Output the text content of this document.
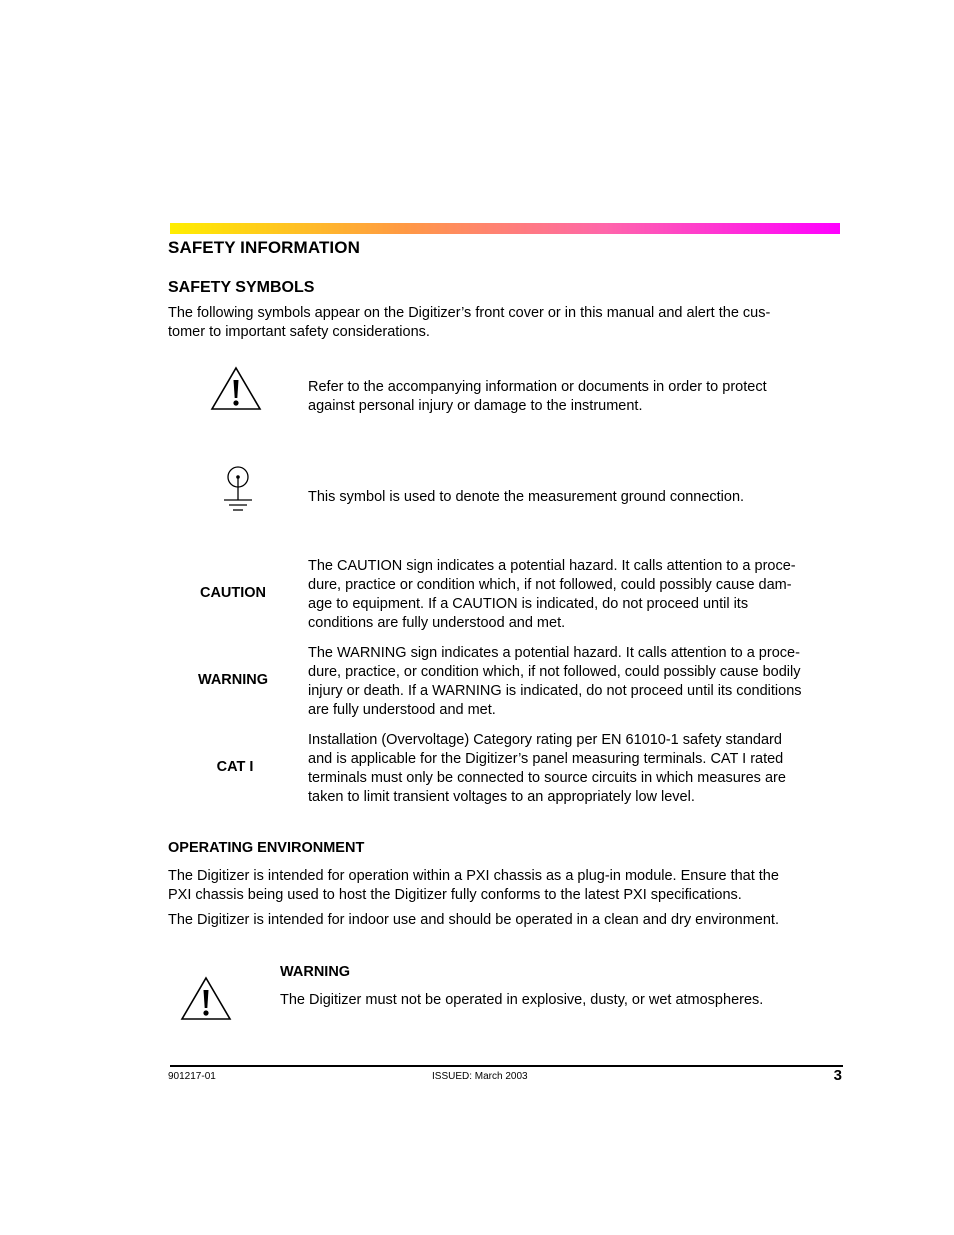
SAFETY INFORMATION
SAFETY SYMBOLS
The following symbols appear on the Digitizer’s front cover or in this manual and alert the cus-
tomer to important safety considerations.
Refer to the accompanying information or documents in order to protect
against personal injury or damage to the instrument.
This symbol is used to denote the measurement ground connection.
CAUTION
The CAUTION sign indicates a potential hazard. It calls attention to a proce-
dure, practice or condition which, if not followed, could possibly cause dam-
age to equipment. If a CAUTION is indicated, do not proceed until its
conditions are fully understood and met.
WARNING
The WARNING sign indicates a potential hazard. It calls attention to a proce-
dure, practice, or condition which, if not followed, could possibly cause bodily
injury or death. If a WARNING is indicated, do not proceed until its conditions
are fully understood and met.
CAT I
Installation (Overvoltage) Category rating per EN 61010-1 safety standard
and is applicable for the Digitizer’s panel measuring terminals. CAT I rated
terminals must only be connected to source circuits in which measures are
taken to limit transient voltages to an appropriately low level.
OPERATING ENVIRONMENT
The Digitizer is intended for operation within a PXI chassis as a plug-in module. Ensure that the
PXI chassis being used to host the Digitizer fully conforms to the latest PXI specifications.
The Digitizer is intended for indoor use and should be operated in a clean and dry environment.
WARNING
The Digitizer must not be operated in explosive, dusty, or wet atmospheres.
901217-01	ISSUED: March 2003	3
